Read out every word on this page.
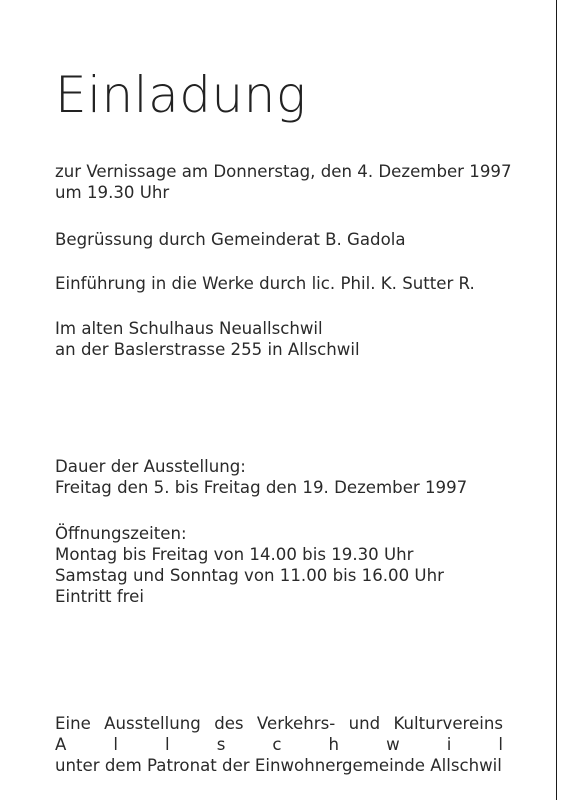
Einladung
zur Vernissage am Donnerstag, den 4. Dezember 1997
um 19.30 Uhr
Begrüssung durch Gemeinderat B. Gadola
Einführung in die Werke durch lic. Phil. K. Sutter R.
Im alten Schulhaus Neuallschwil
an der Baslerstrasse 255 in Allschwil
Dauer der Ausstellung:
Freitag den 5. bis Freitag den 19. Dezember 1997
Öffnungszeiten:
Montag bis Freitag von 14.00 bis 19.30 Uhr
Samstag und Sonntag von 11.00 bis 16.00 Uhr
Eintritt frei
Eine Ausstellung des Verkehrs- und Kulturvereins
A	l	l	s	c	h	w	i	l
unter dem Patronat der Einwohnergemeinde Allschwil
